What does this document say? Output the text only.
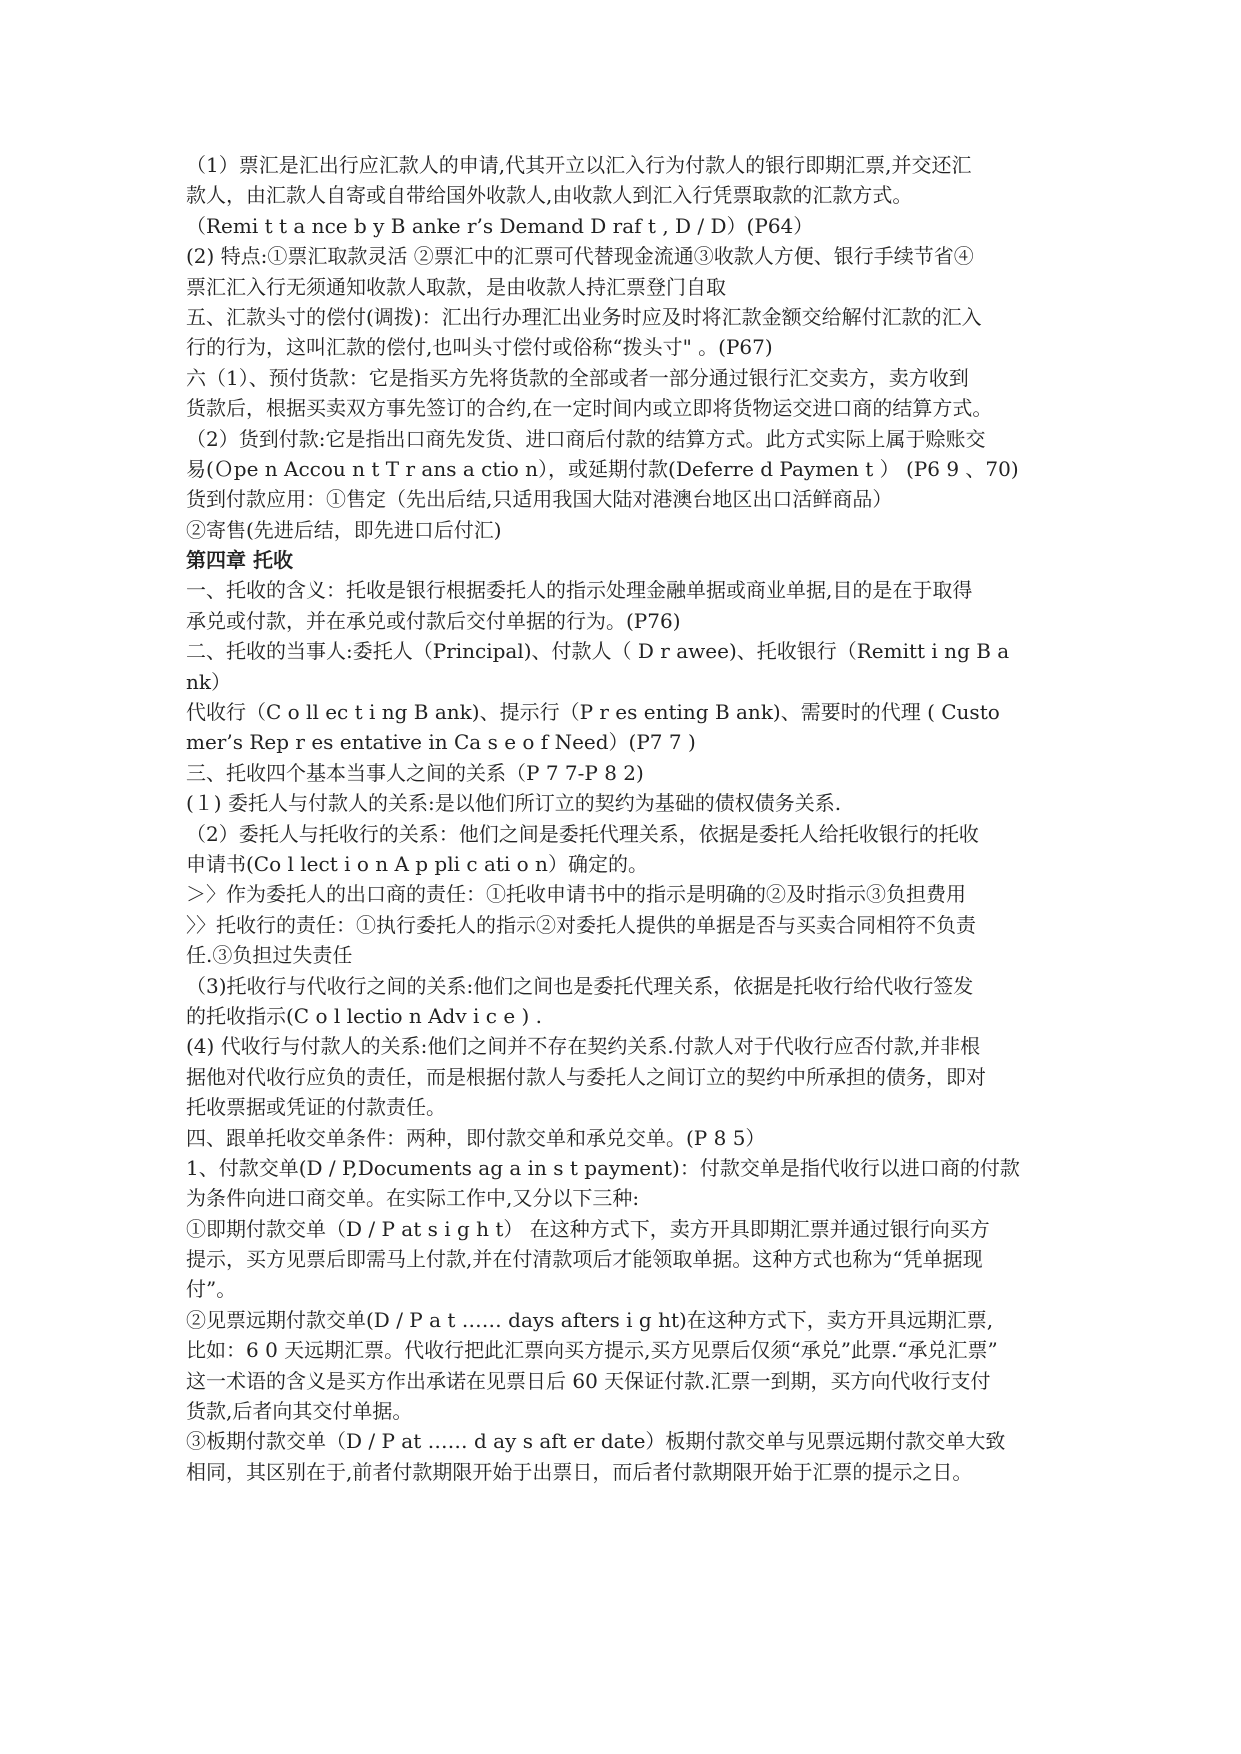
（1）票汇是汇出行应汇款人的申请,代其开立以汇入行为付款人的银行即期汇票,并交还汇
款人，由汇款人自寄或自带给国外收款人,由收款人到汇入行凭票取款的汇款方式。
（Remi t t a nce b y B anke r’s Demand D raf t , D / D）(P64）
(2) 特点:①票汇取款灵活 ②票汇中的汇票可代替现金流通③收款人方便、银行手续节省④
票汇汇入行无须通知收款人取款，是由收款人持汇票登门自取
五、汇款头寸的偿付(调拨)：汇出行办理汇出业务时应及时将汇款金额交给解付汇款的汇入
行的行为，这叫汇款的偿付,也叫头寸偿付或俗称“拨头寸" 。(P67)
六（1）、预付货款：它是指买方先将货款的全部或者一部分通过银行汇交卖方，卖方收到
货款后，根据买卖双方事先签订的合约,在一定时间内或立即将货物运交进口商的结算方式。
（2）货到付款:它是指出口商先发货、进口商后付款的结算方式。此方式实际上属于赊账交
易(Ｏpe n Accou n t T r ans a ctio n），或延期付款(Deferre d Paymen t ） (P6 9 、70)
货到付款应用：①售定（先出后结,只适用我国大陆对港澳台地区出口活鲜商品）
②寄售(先进后结，即先进口后付汇)
第四章 托收
一、托收的含义：托收是银行根据委托人的指示处理金融单据或商业单据,目的是在于取得
承兑或付款，并在承兑或付款后交付单据的行为。(P76)
二、托收的当事人:委托人（Principal)、付款人（ D r awee)、托收银行（Remitt i ng B a
nk）
代收行（C o ll ec t i ng B ank)、提示行（P r es enting B ank)、需要时的代理 ( Custo
mer’s Rep r es entative in Ca s e o f Need）(P7 7 )
三、托收四个基本当事人之间的关系（P 7 7-P 8 2)
(１) 委托人与付款人的关系:是以他们所订立的契约为基础的债权债务关系.
（2）委托人与托收行的关系：他们之间是委托代理关系，依据是委托人给托收银行的托收
申请书(Co l lect i o n A p pli c ati o n）确定的。
＞〉作为委托人的出口商的责任：①托收申请书中的指示是明确的②及时指示③负担费用
〉〉托收行的责任：①执行委托人的指示②对委托人提供的单据是否与买卖合同相符不负责
任.③负担过失责任
（3)托收行与代收行之间的关系:他们之间也是委托代理关系，依据是托收行给代收行签发
的托收指示(C o l lectio n Adv i c e ) .
(4) 代收行与付款人的关系:他们之间并不存在契约关系.付款人对于代收行应否付款,并非根
据他对代收行应负的责任，而是根据付款人与委托人之间订立的契约中所承担的债务，即对
托收票据或凭证的付款责任。
四、跟单托收交单条件：两种，即付款交单和承兑交单。(P 8 5）
1、付款交单(D / P,Documents ag a in s t payment)：付款交单是指代收行以进口商的付款
为条件向进口商交单。在实际工作中,又分以下三种:
①即期付款交单（D / P at s i g h t） 在这种方式下，卖方开具即期汇票并通过银行向买方
提示，买方见票后即需马上付款,并在付清款项后才能领取单据。这种方式也称为“凭单据现
付”。
②见票远期付款交单(D / P a t …… days afters i g ht)在这种方式下，卖方开具远期汇票,
比如：6 0 天远期汇票。代收行把此汇票向买方提示,买方见票后仅须“承兑”此票.“承兑汇票”
这一术语的含义是买方作出承诺在见票日后 60 天保证付款.汇票一到期，买方向代收行支付
货款,后者向其交付单据。
③板期付款交单（D / P at …… d ay s aft er date）板期付款交单与见票远期付款交单大致
相同，其区别在于,前者付款期限开始于出票日，而后者付款期限开始于汇票的提示之日。
